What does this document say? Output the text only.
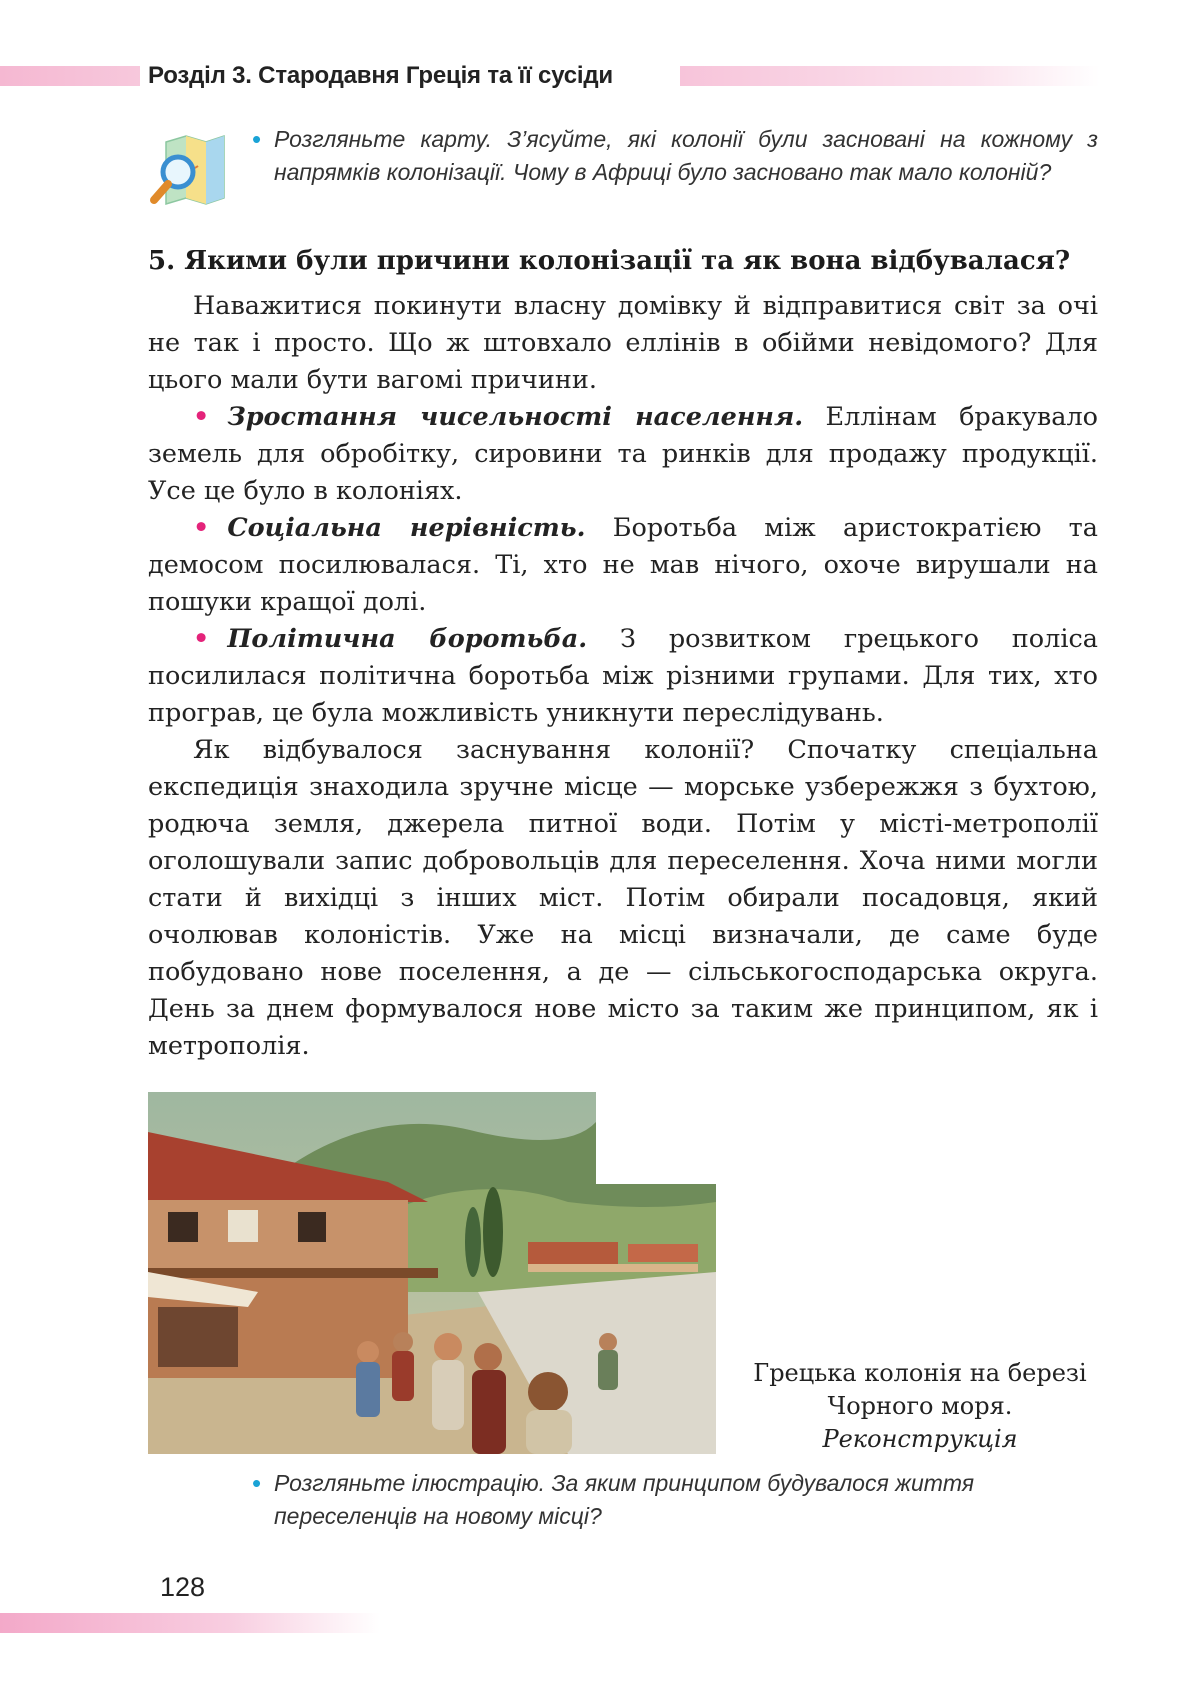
Розділ 3. Стародавня Греція та її сусіди
• Розгляньте карту. З’ясуйте, які колонії були засновані на кожному з напрямків колонізації. Чому в Африці було засновано так мало колоній?
5. Якими були причини колонізації та як вона відбувалася?

Наважитися покинути власну домівку й відправитися світ за очі не так і просто. Що ж штовхало еллінів в обійми невідомого? Для цього мали бути вагомі причини.

• Зростання чисельності населення. Еллінам бракувало земель для обробітку, сировини та ринків для продажу продукції. Усе це було в колоніях.

• Соціальна нерівність. Боротьба між аристократією та демосом посилювалася. Ті, хто не мав нічого, охоче вирушали на пошуки кращої долі.

• Політична боротьба. З розвитком грецького поліса посилилася політична боротьба між різними групами. Для тих, хто програв, це була можливість уникнути переслідувань.

Як відбувалося заснування колонії? Спочатку спеціальна експедиція знаходила зручне місце — морське узбережжя з бухтою, родюча земля, джерела питної води. Потім у місті-метрополії оголошували запис добровольців для переселення. Хоча ними могли стати й вихідці з інших міст. Потім обирали посадовця, який очолював колоністів. Уже на місці визначали, де саме буде побудовано нове поселення, а де — сільськогосподарська округа. День за днем формувалося нове місто за таким же принципом, як і метрополія.

Грецька колонія на березі
Чорного моря.
Реконструкція
• Розгляньте ілюстрацію. За яким принципом будувалося життя переселенців на новому місці?
128
